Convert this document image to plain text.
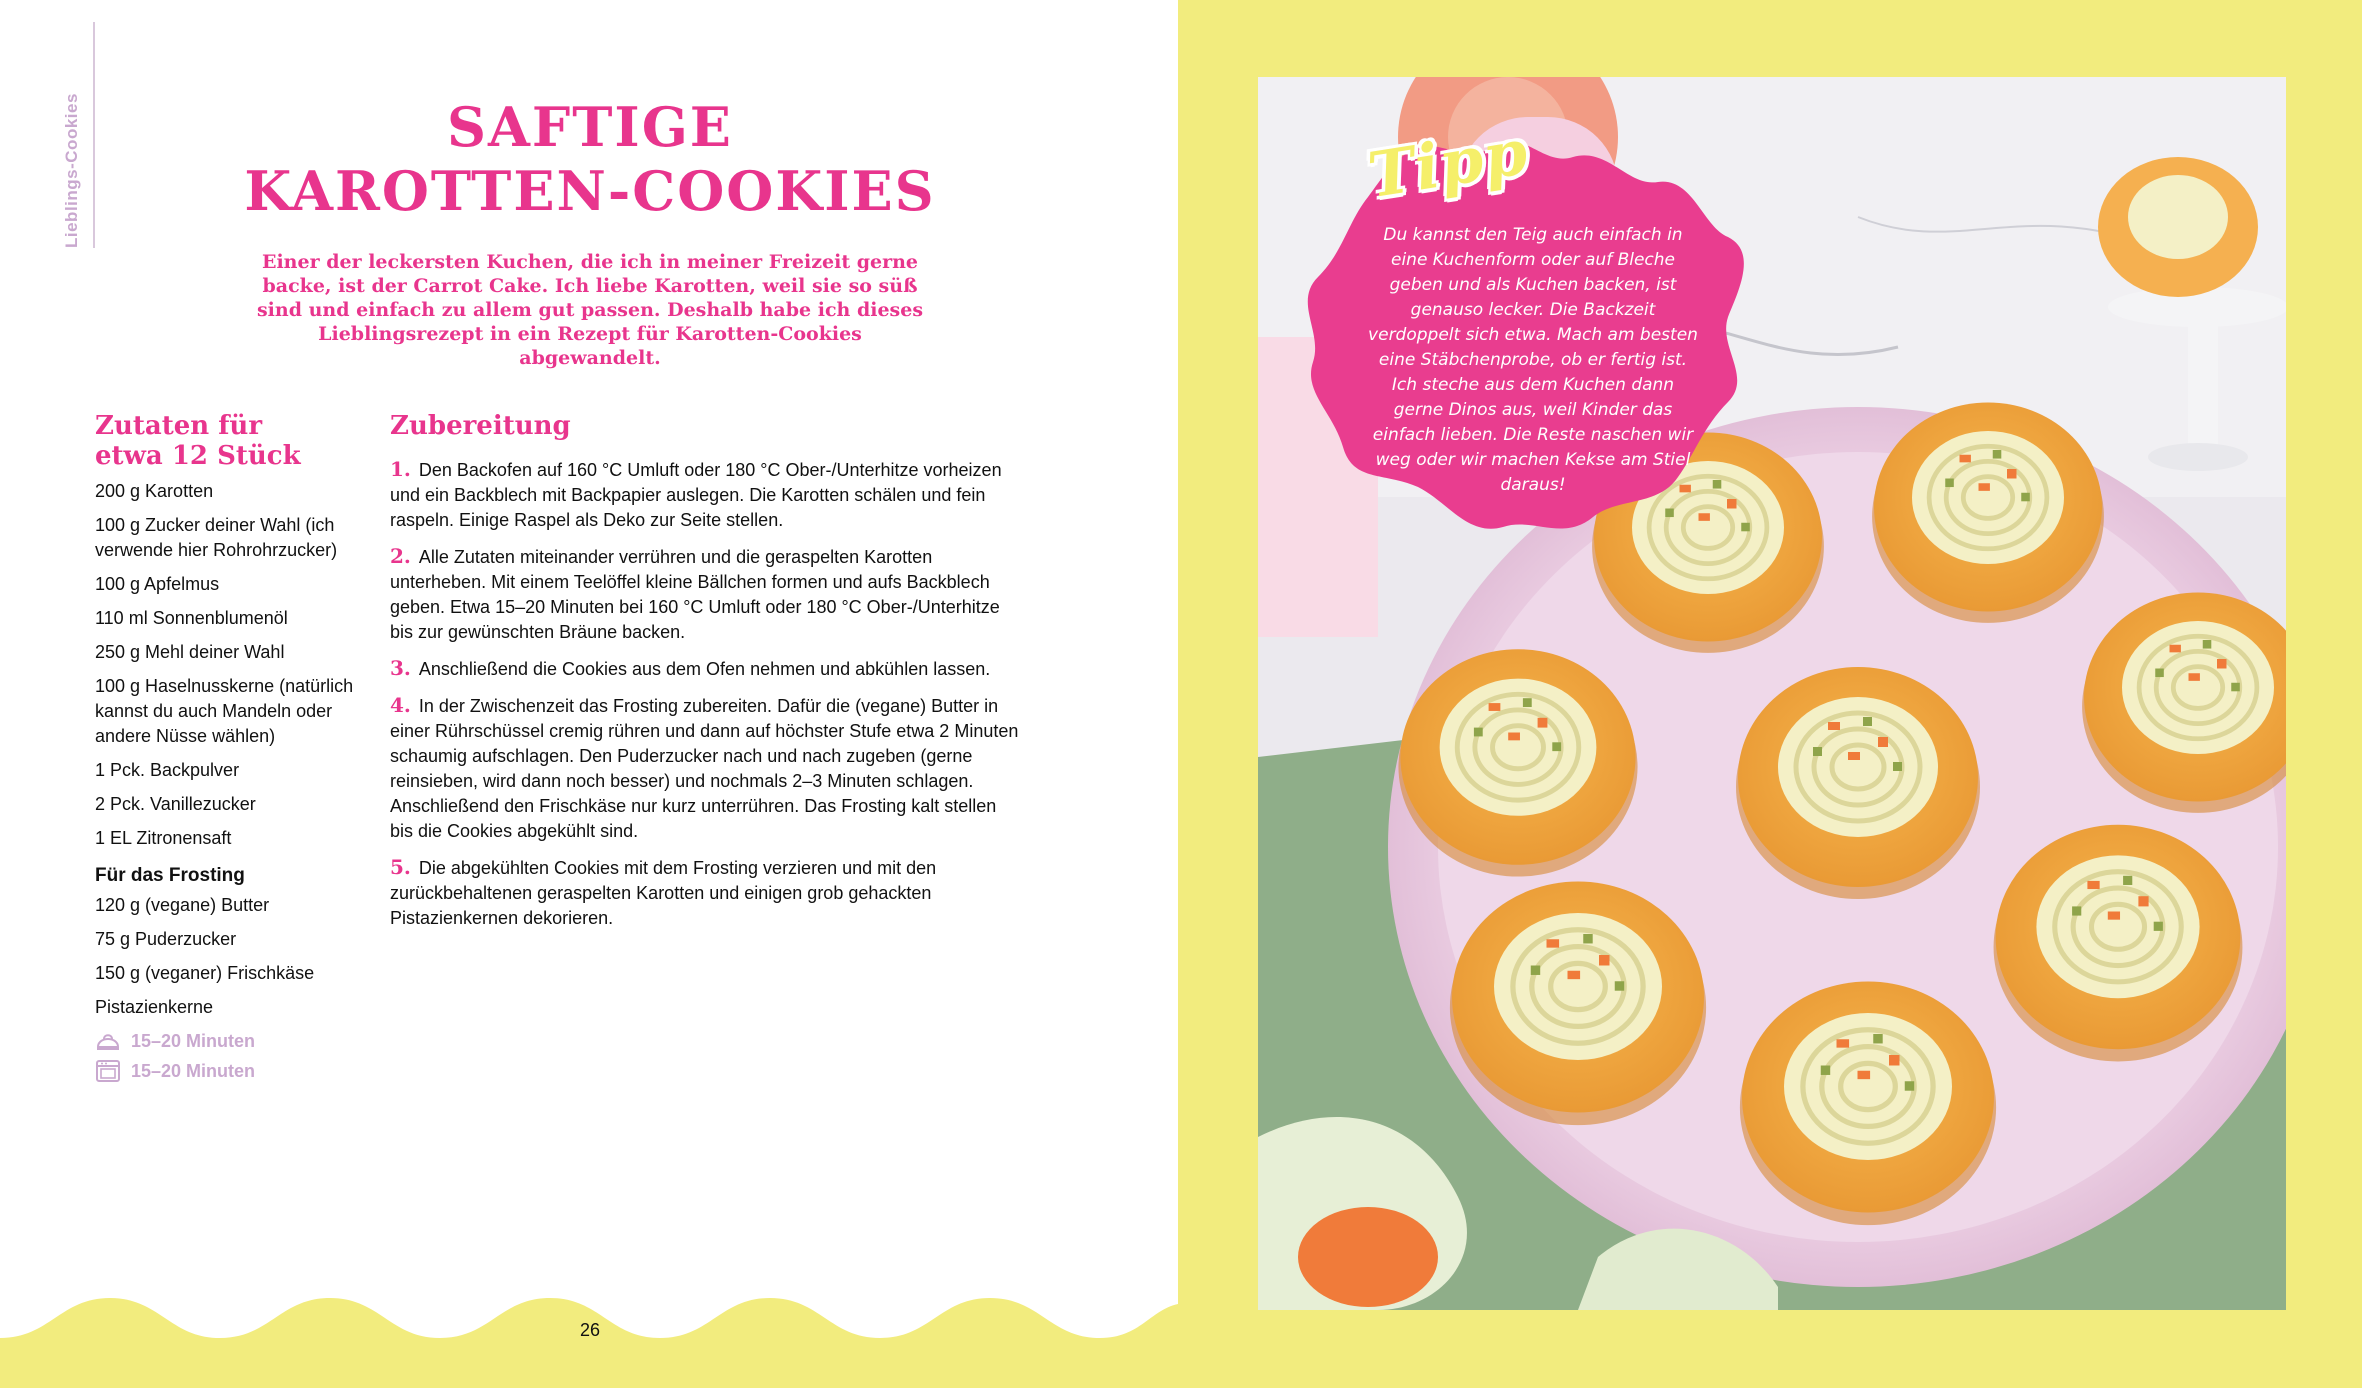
Lieblings-Cookies	SAFTIGE
KAROTTEN-COOKIES

Einer der leckersten Kuchen, die ich in meiner Freizeit gerne backe, ist der Carrot Cake. Ich liebe Karotten, weil sie so süß sind und einfach zu allem gut passen. Deshalb habe ich dieses Lieblingsrezept in ein Rezept für Karotten-Cookies abgewandelt.

Zutaten für
etwa 12 Stück
200 g Karotten
100 g Zucker deiner Wahl (ich verwende hier Rohrohrzucker)
100 g Apfelmus
110 ml Sonnenblumenöl
250 g Mehl deiner Wahl
100 g Haselnusskerne (natürlich kannst du auch Mandeln oder andere Nüsse wählen)
1 Pck. Backpulver
2 Pck. Vanillezucker
1 EL Zitronensaft
Für das Frosting
120 g (vegane) Butter
75 g Puderzucker
150 g (veganer) Frischkäse
Pistazienkerne
15–20 Minuten
15–20 Minuten
Zubereitung
1. Den Backofen auf 160 °C Umluft oder 180 °C Ober-/Unterhitze vorheizen und ein Backblech mit Backpapier auslegen. Die Karotten schälen und fein raspeln. Einige Raspel als Deko zur Seite stellen.
2. Alle Zutaten miteinander verrühren und die geraspelten Karotten unterheben. Mit einem Teelöffel kleine Bällchen formen und aufs Backblech geben. Etwa 15–20 Minuten bei 160 °C Umluft oder 180 °C Ober-/Unterhitze bis zur gewünschten Bräune backen.
3. Anschließend die Cookies aus dem Ofen nehmen und abkühlen lassen.
4. In der Zwischenzeit das Frosting zubereiten. Dafür die (vegane) Butter in einer Rührschüssel cremig rühren und dann auf höchster Stufe etwa 2 Minuten schaumig aufschlagen. Den Puderzucker nach und nach zugeben (gerne reinsieben, wird dann noch besser) und nochmals 2–3 Minuten schlagen. Anschließend den Frischkäse nur kurz unterrühren. Das Frosting kalt stellen bis die Cookies abgekühlt sind.
5. Die abgekühlten Cookies mit dem Frosting verzieren und mit den zurückbehaltenen geraspelten Karotten und einigen grob gehackten Pistazienkernen dekorieren.
26
Tipp

Du kannst den Teig auch einfach in eine Kuchenform oder auf Bleche geben und als Kuchen backen, ist genauso lecker. Die Backzeit verdoppelt sich etwa. Mach am besten eine Stäbchenprobe, ob er fertig ist. Ich steche aus dem Kuchen dann gerne Dinos aus, weil Kinder das einfach lieben. Die Reste naschen wir weg oder wir machen Kekse am Stiel daraus!
